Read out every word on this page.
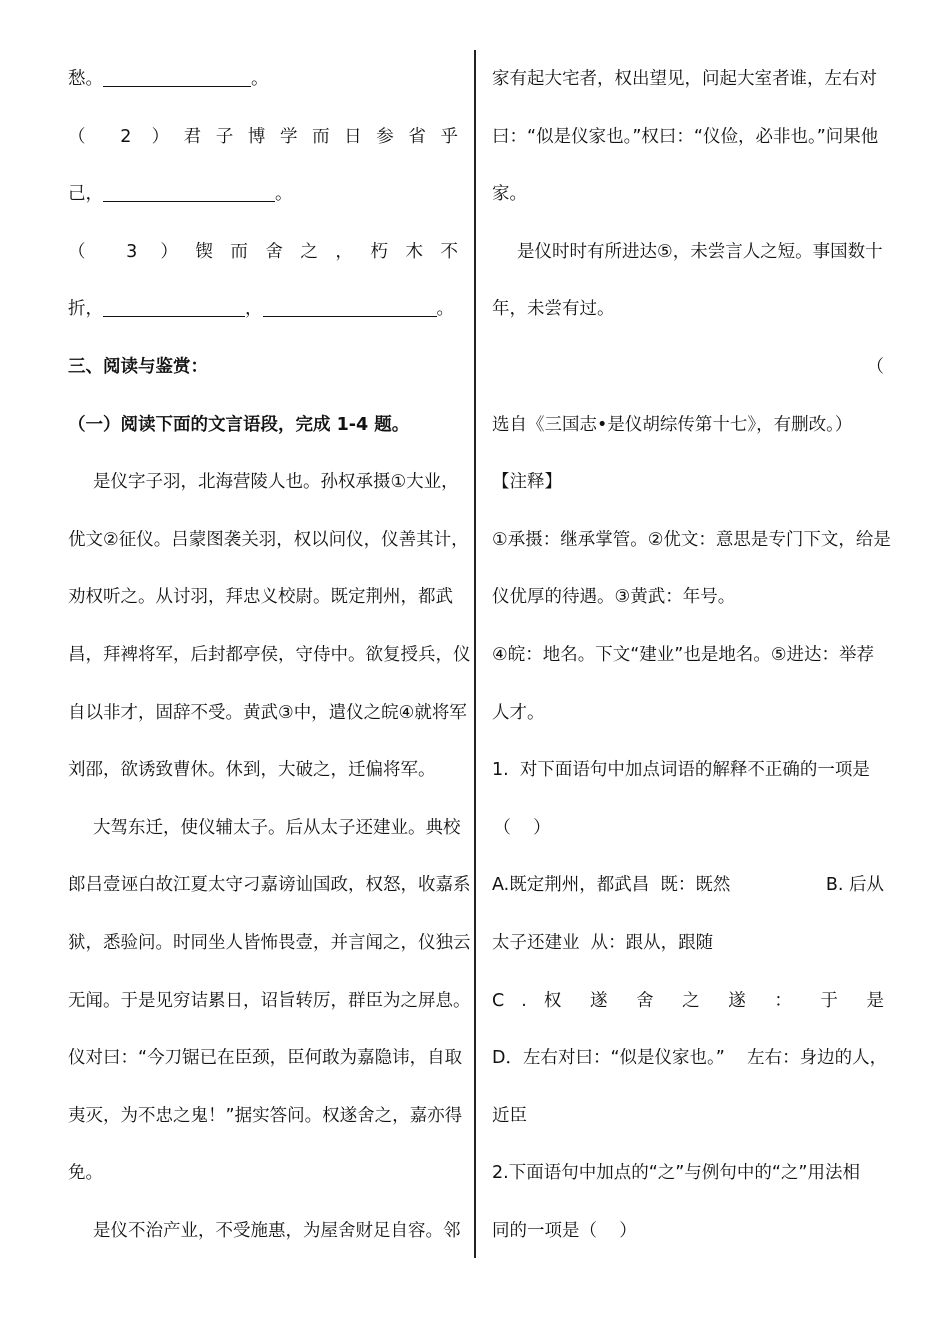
愁。	。
（ 2 ）君子博学而日参省乎
己，	。
（ 3 ）锲而舍之，朽木不
折，	，	。
三、阅读与鉴赏：
（一）阅读下面的文言语段，完成 1-4 题。
是仪字子羽，北海营陵人也。孙权承摄①大业，
优文②征仪。吕蒙图袭关羽，权以问仪，仪善其计，
劝权听之。从讨羽，拜忠义校尉。既定荆州，都武
昌，拜裨将军，后封都亭侯，守侍中。欲复授兵，仪
自以非才，固辞不受。黄武③中，遣仪之皖④就将军
刘邵，欲诱致曹休。休到，大破之，迁偏将军。
大驾东迁，使仪辅太子。后从太子还建业。典校
郎吕壹诬白故江夏太守刁嘉谤讪国政，权怒，收嘉系
狱，悉验问。时同坐人皆怖畏壹，并言闻之，仪独云
无闻。于是见穷诘累日，诏旨转厉，群臣为之屏息。
仪对曰：“今刀锯已在臣颈，臣何敢为嘉隐讳，自取
夷灭，为不忠之鬼！”据实答问。权遂舍之，嘉亦得
免。
是仪不治产业，不受施惠，为屋舍财足自容。邻
家有起大宅者，权出望见，问起大室者谁，左右对
曰：“似是仪家也。”权曰：“仪俭，必非也。”问果他
家。
是仪时时有所进达⑤，未尝言人之短。事国数十
年，未尝有过。
（
选自《三国志•是仪胡综传第十七》，有删改。）
【注释】
①承摄：继承掌管。②优文：意思是专门下文，给是
仪优厚的待遇。③黄武：年号。
④皖：地名。下文“建业”也是地名。⑤进达：举荐
人才。
1.  对下面语句中加点词语的解释不正确的一项是
（    ）
A.既定荆州，都武昌  既：既然	B. 后从
太子还建业  从：跟从，跟随
C . 权 遂 舍 之 遂 ： 于 是
D．左右对曰：“似是仪家也。”    左右：身边的人，
近臣
2.下面语句中加点的“之”与例句中的“之”用法相
同的一项是（    ）
